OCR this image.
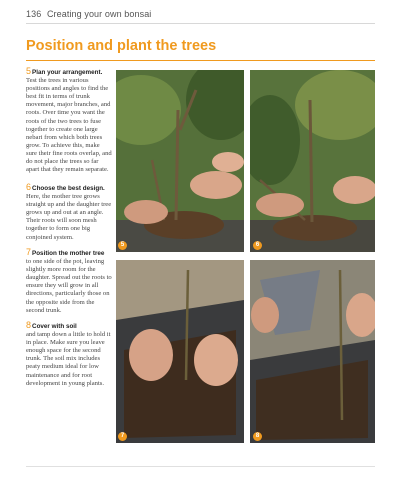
136 Creating your own bonsai
Position and plant the trees

5Plan your arrangement.

Test the trees in various positions and angles to find the best fit in terms of trunk movement, major branches, and roots. Over time you want the roots of the two trees to fuse together to create one large nebari from which both trees grow. To achieve this, make sure their fine roots overlap, and do not place the trees so far apart that they remain separate.

6Choose the best design.

Here, the mother tree grows straight up and the daughter tree grows up and out at an angle. Their roots will soon mesh together to form one big conjoined system.

7Position the mother tree

to one side of the pot, leaving slightly more room for the daughter. Spread out the roots to ensure they will grow in all directions, particularly those on the opposite side from the second trunk.

8Cover with soil

and tamp down a little to hold it in place. Make sure you leave enough space for the second trunk. The soil mix includes peaty medium ideal for low maintenance and for root development in young plants.

5	6
7	8
